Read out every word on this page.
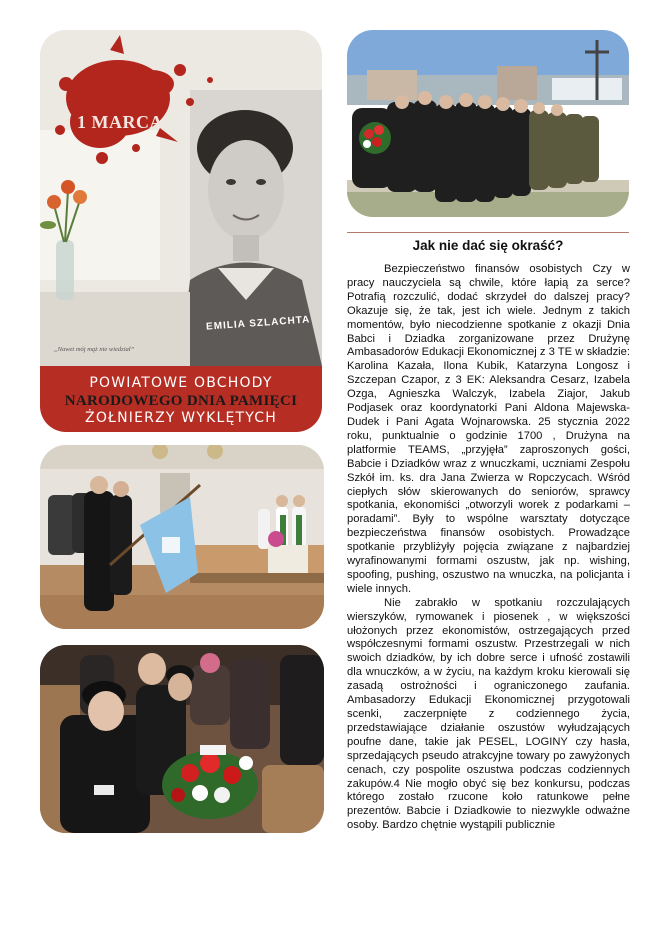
1 MARCA
EMILIA SZLACHTA
„Nawet mój mąż nie wiedział”
POWIATOWE OBCHODY
NARODOWEGO DNIA PAMIĘCI
ŻOŁNIERZY WYKLĘTYCH
Jak nie dać się okraść?

Bezpieczeństwo finansów osobistych Czy w pracy nauczyciela są chwile, które łapią za serce? Potrafią rozczulić, dodać skrzydeł do dalszej pracy? Okazuje się, że tak, jest ich wiele. Jednym z takich momentów, było niecodzienne spotkanie z okazji Dnia Babci i Dziadka zorganizowane przez Drużynę Ambasadorów Edukacji Ekonomicznej z 3 TE w składzie: Karolina Kazała, Ilona Kubik, Katarzyna Longosz i Szczepan Czapor, z 3 EK: Aleksandra Cesarz, Izabela Ozga, Agnieszka Walczyk, Izabela Ziajor, Jakub Podjasek oraz koordynatorki Pani Aldona Majewska-Dudek i Pani Agata Wojnarowska. 25 stycznia 2022 roku, punktualnie o godzinie 1700 , Drużyna na platformie TEAMS, „przyjęła” zaproszonych gości, Babcie i Dziadków wraz z wnuczkami, uczniami Zespołu Szkół im. ks. dra Jana Zwierza w Ropczycach. Wśród ciepłych słów skierowanych do seniorów, sprawcy spotkania, ekonomiści „otworzyli worek z podarkami – poradami”. Były to wspólne warsztaty dotyczące bezpieczeństwa finansów osobistych. Prowadzące spotkanie przybliżyły pojęcia związane z najbardziej wyrafinowanymi formami oszustw, jak np. wishing, spoofing, pushing, oszustwo na wnuczka, na policjanta i wiele innych.

Nie zabrakło w spotkaniu rozczulających wierszyków, rymowanek i piosenek , w większości ułożonych przez ekonomistów, ostrzegających przed współczesnymi formami oszustw. Przestrzegali w nich swoich dziadków, by ich dobre serce i ufność zostawili dla wnuczków, a w życiu, na każdym kroku kierowali się zasadą ostrożności i ograniczonego zaufania. Ambasadorzy Edukacji Ekonomicznej przygotowali scenki, zaczerpnięte z codziennego życia, przedstawiające działanie oszustów wyłudzających poufne dane, takie jak PESEL, LOGINY czy hasła, sprzedających pseudo atrakcyjne towary po zawyżonych cenach, czy pospolite oszustwa podczas codziennych zakupów.4 Nie mogło obyć się bez konkursu, podczas którego zostało rzucone koło ratunkowe pełne prezentów. Babcie i Dziadkowie to niezwykle odważne osoby. Bardzo chętnie wystąpili publicznie
